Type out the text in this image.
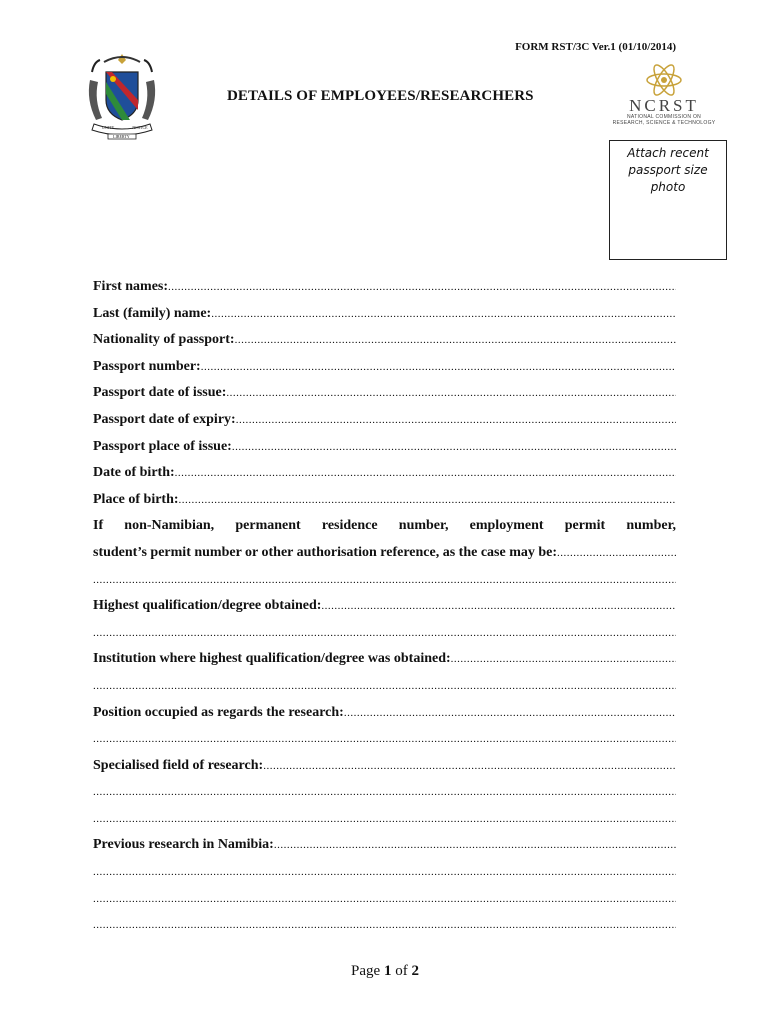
FORM RST/3C Ver.1 (01/10/2014)
UNITY	JUSTICE
LIBERTY
DETAILS OF EMPLOYEES/RESEARCHERS	NCRST
NATIONAL COMMISSION ON
RESEARCH, SCIENCE & TECHNOLOGY
Attach recent
passport size
photo
First names:
.....
Last (family) name:
.....
Nationality of passport:
.....
Passport number:
.....
Passport date of issue:
.....
Passport date of expiry:
.....
Passport place of issue:
.....
Date of birth:
.....
Place of birth:
.....
If non-Namibian, permanent residence number, employment permit number,
student’s permit number or other authorisation reference, as the case may be:
.....
.....
Highest qualification/degree obtained:
.....
.....
Institution where highest qualification/degree was obtained:
.....
.....
Position occupied as regards the research:
.....
.....
Specialised field of research:
.....
.....
.....
Previous research in Namibia:
.....
.....
.....
.....
Page 1 of 2
